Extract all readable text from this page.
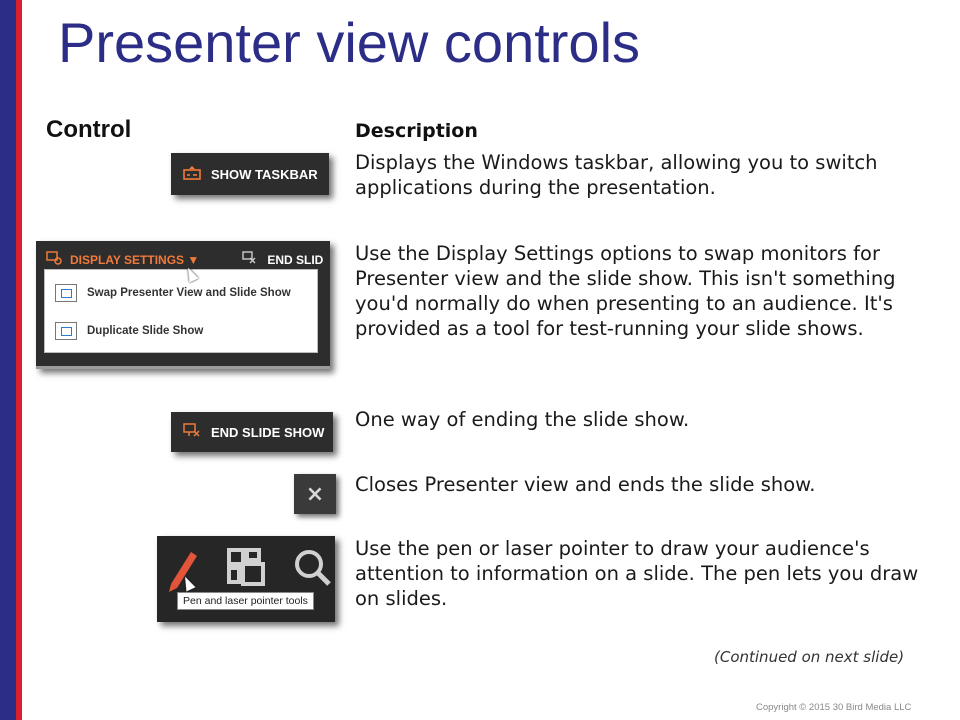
Presenter view controls
Control	Description
SHOW TASKBAR Displays the Windows taskbar, allowing you to switch applications during the presentation.
DISPLAY SETTINGS ▼	END SLID
Swap Presenter View and Slide Show
Duplicate Slide Show
Use the Display Settings options to swap monitors for Presenter view and the slide show. This isn't something you'd normally do when presenting to an audience. It's provided as a tool for test-running your slide shows.
END SLIDE SHOW
One way of ending the slide show.
× Closes Presenter view and ends the slide show.
Pen and laser pointer tools
Use the pen or laser pointer to draw your audience's attention to information on a slide. The pen lets you draw on slides.
(Continued on next slide)
Copyright © 2015 30 Bird Media LLC
